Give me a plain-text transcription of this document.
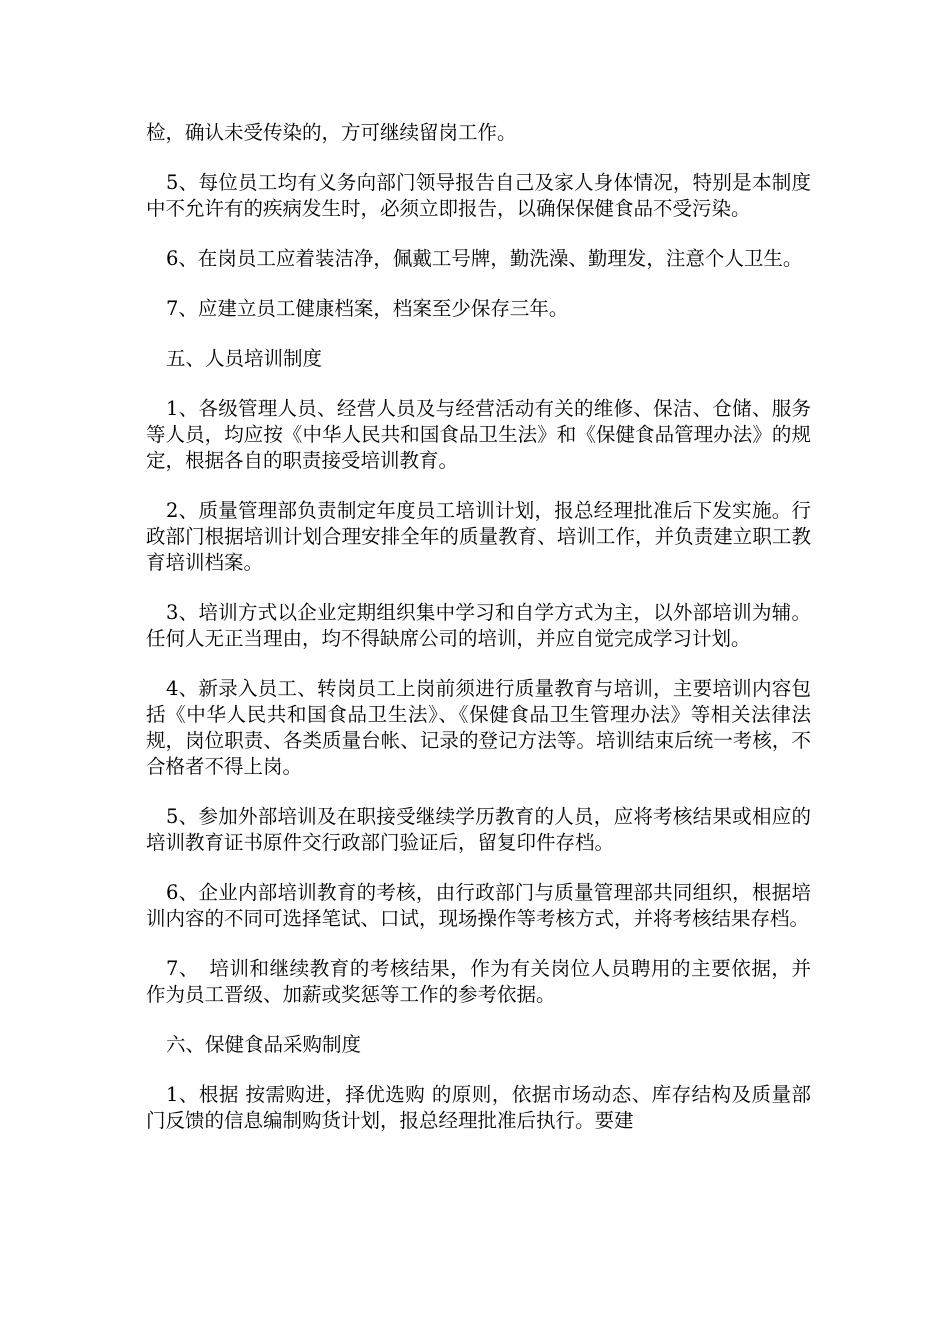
检，确认未受传染的，方可继续留岗工作。

5、每位员工均有义务向部门领导报告自己及家人身体情况，特别是本制度中不允许有的疾病发生时，必须立即报告，以确保保健食品不受污染。

6、在岗员工应着装洁净，佩戴工号牌，勤洗澡、勤理发，注意个人卫生。

7、应建立员工健康档案，档案至少保存三年。

五、人员培训制度

1、各级管理人员、经营人员及与经营活动有关的维修、保洁、仓储、服务等人员，均应按《中华人民共和国食品卫生法》和《保健食品管理办法》的规定，根据各自的职责接受培训教育。

2、质量管理部负责制定年度员工培训计划，报总经理批准后下发实施。行政部门根据培训计划合理安排全年的质量教育、培训工作，并负责建立职工教育培训档案。

3、培训方式以企业定期组织集中学习和自学方式为主，以外部培训为辅。任何人无正当理由，均不得缺席公司的培训，并应自觉完成学习计划。

4、新录入员工、转岗员工上岗前须进行质量教育与培训，主要培训内容包括《中华人民共和国食品卫生法》、《保健食品卫生管理办法》等相关法律法规，岗位职责、各类质量台帐、记录的登记方法等。培训结束后统一考核，不合格者不得上岗。

5、参加外部培训及在职接受继续学历教育的人员，应将考核结果或相应的培训教育证书原件交行政部门验证后，留复印件存档。

6、企业内部培训教育的考核，由行政部门与质量管理部共同组织，根据培训内容的不同可选择笔试、口试，现场操作等考核方式，并将考核结果存档。

7、　培训和继续教育的考核结果，作为有关岗位人员聘用的主要依据，并作为员工晋级、加薪或奖惩等工作的参考依据。

六、保健食品采购制度

1、根据 按需购进，择优选购 的原则，依据市场动态、库存结构及质量部门反馈的信息编制购货计划，报总经理批准后执行。要建
